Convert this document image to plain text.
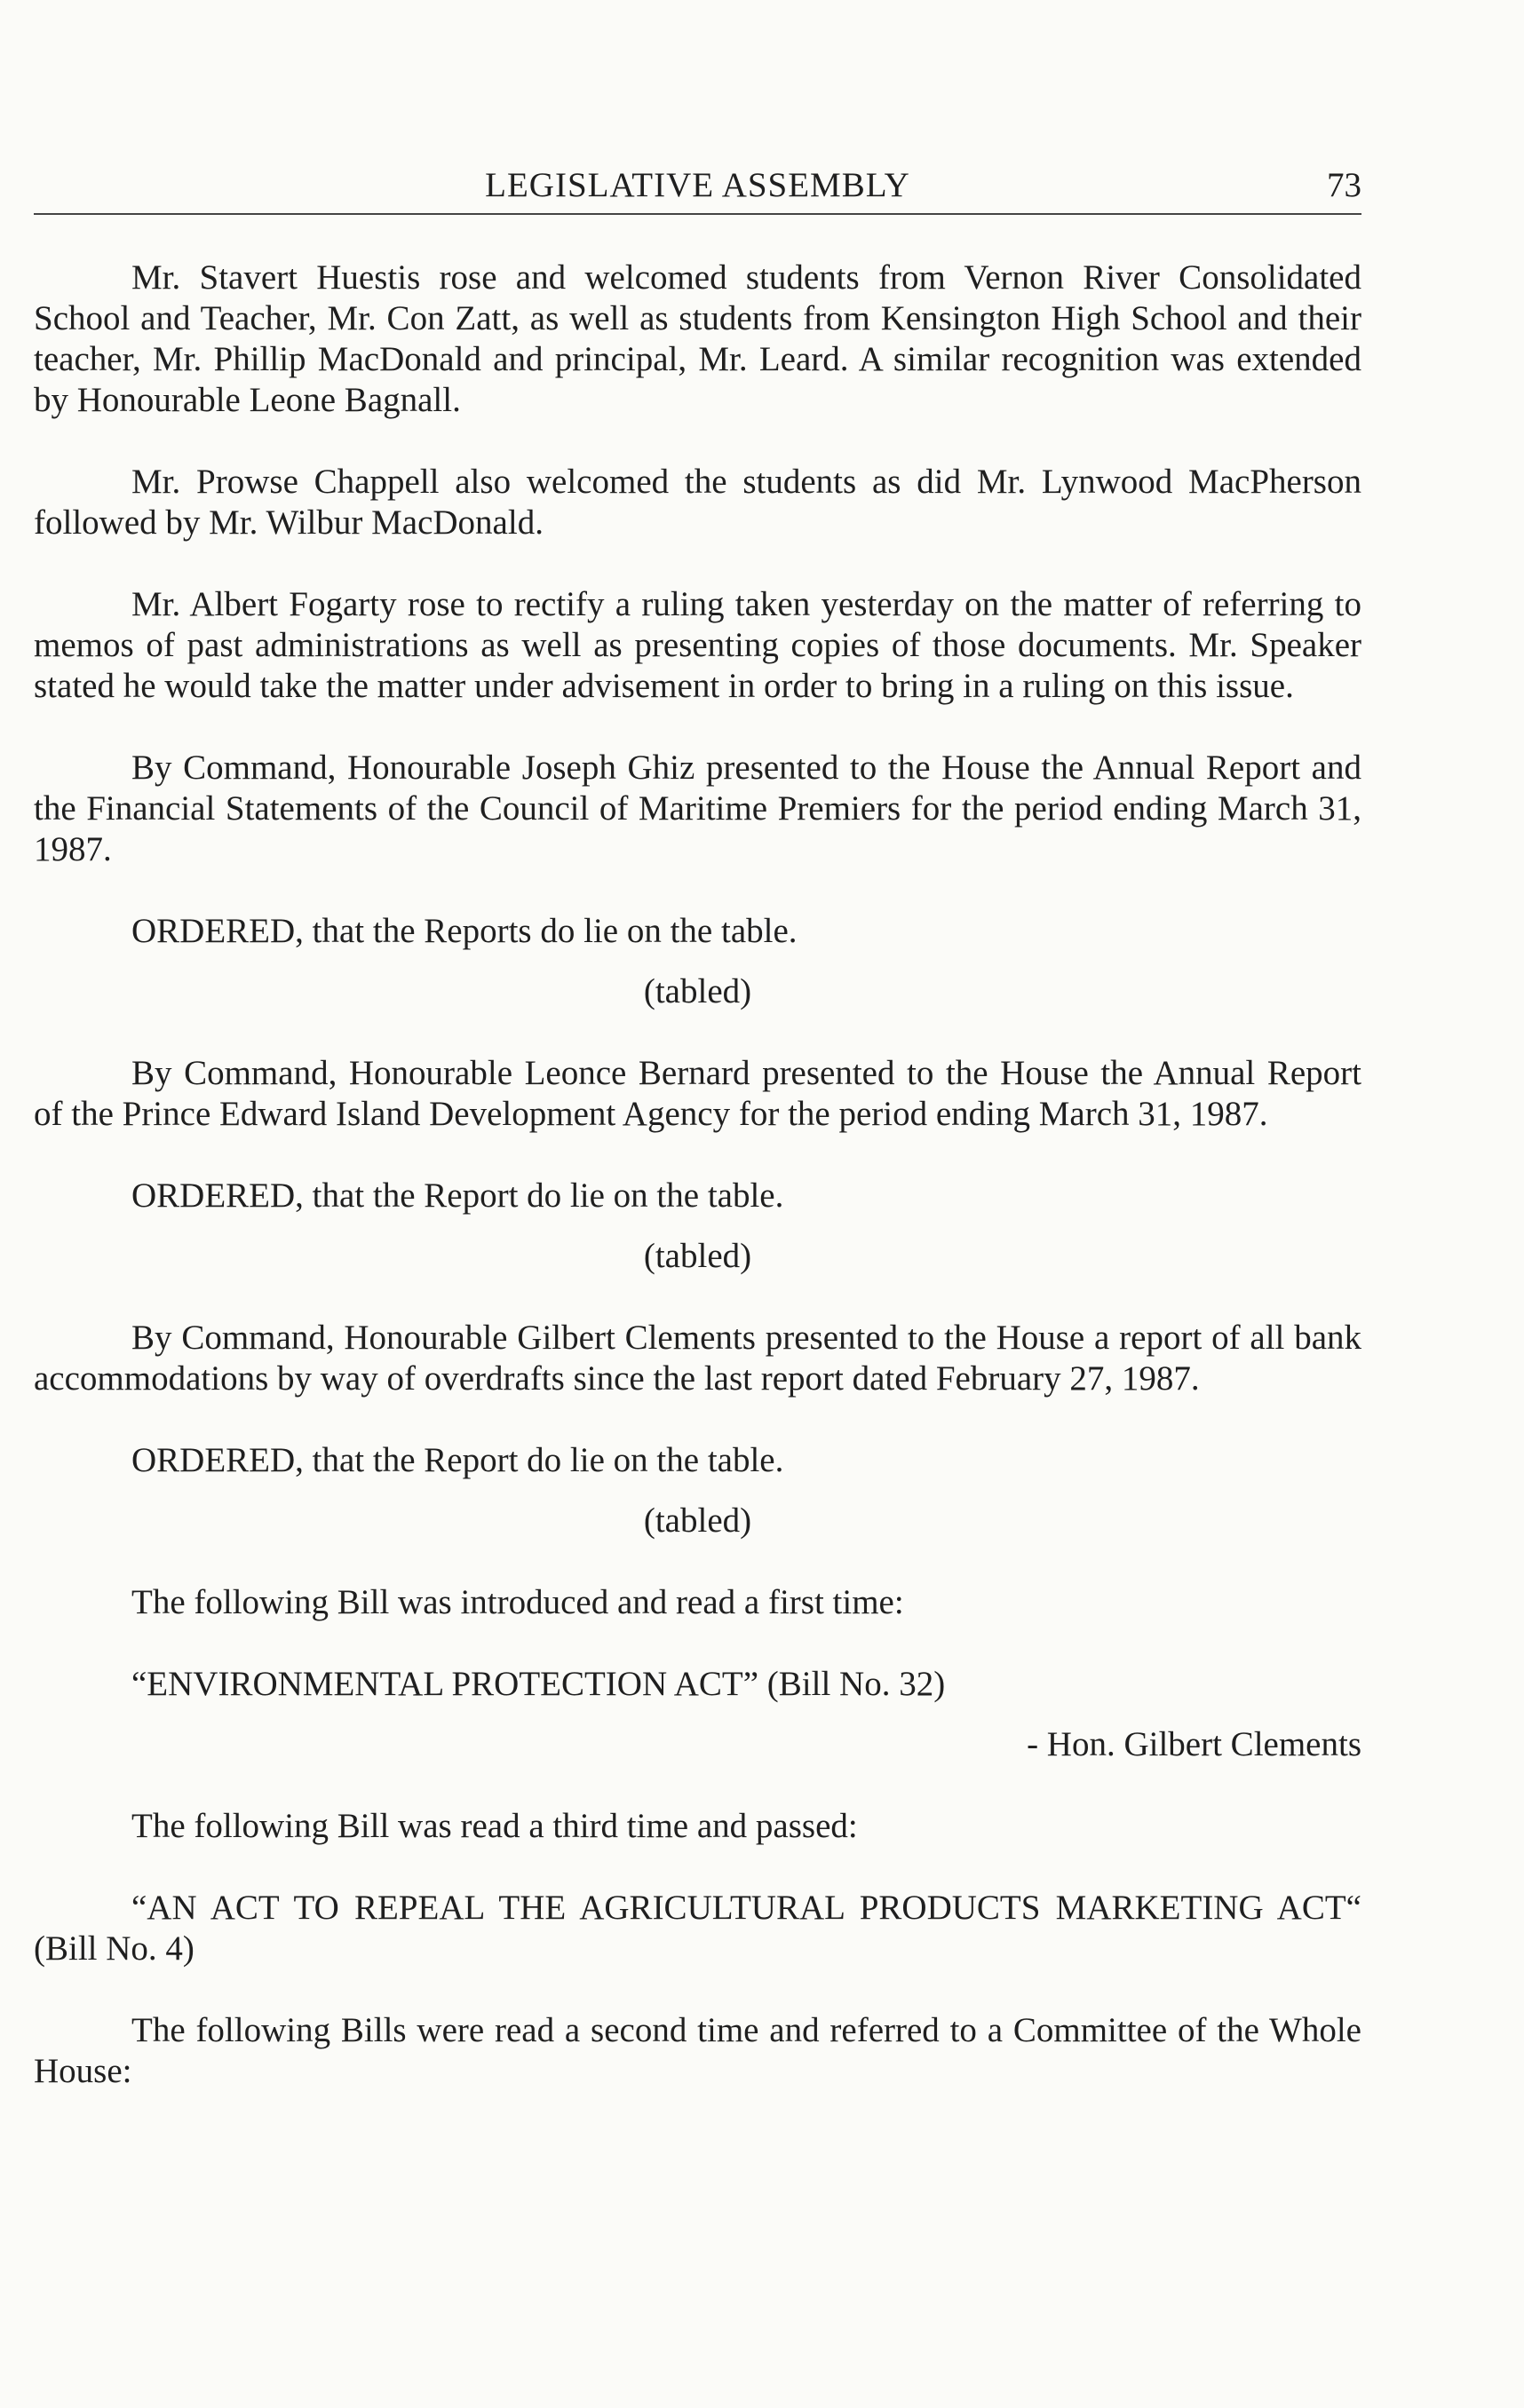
LEGISLATIVE ASSEMBLY	73

Mr. Stavert Huestis rose and welcomed students from Vernon River Consolidated School and Teacher, Mr. Con Zatt, as well as students from Kensington High School and their teacher, Mr. Phillip MacDonald and principal, Mr. Leard. A similar recognition was extended by Honourable Leone Bagnall.

Mr. Prowse Chappell also welcomed the students as did Mr. Lynwood MacPherson followed by Mr. Wilbur MacDonald.

Mr. Albert Fogarty rose to rectify a ruling taken yesterday on the matter of referring to memos of past administrations as well as presenting copies of those documents. Mr. Speaker stated he would take the matter under advisement in order to bring in a ruling on this issue.

By Command, Honourable Joseph Ghiz presented to the House the Annual Report and the Financial Statements of the Council of Maritime Premiers for the period ending March 31, 1987.

ORDERED, that the Reports do lie on the table.

(tabled)

By Command, Honourable Leonce Bernard presented to the House the Annual Report of the Prince Edward Island Development Agency for the period ending March 31, 1987.

ORDERED, that the Report do lie on the table.

(tabled)

By Command, Honourable Gilbert Clements presented to the House a report of all bank accommodations by way of overdrafts since the last report dated February 27, 1987.

ORDERED, that the Report do lie on the table.

(tabled)

The following Bill was introduced and read a first time:

“ENVIRONMENTAL PROTECTION ACT” (Bill No. 32)

- Hon. Gilbert Clements

The following Bill was read a third time and passed:

“AN ACT TO REPEAL THE AGRICULTURAL PRODUCTS MARKETING ACT“ (Bill No. 4)

The following Bills were read a second time and referred to a Committee of the Whole House:
